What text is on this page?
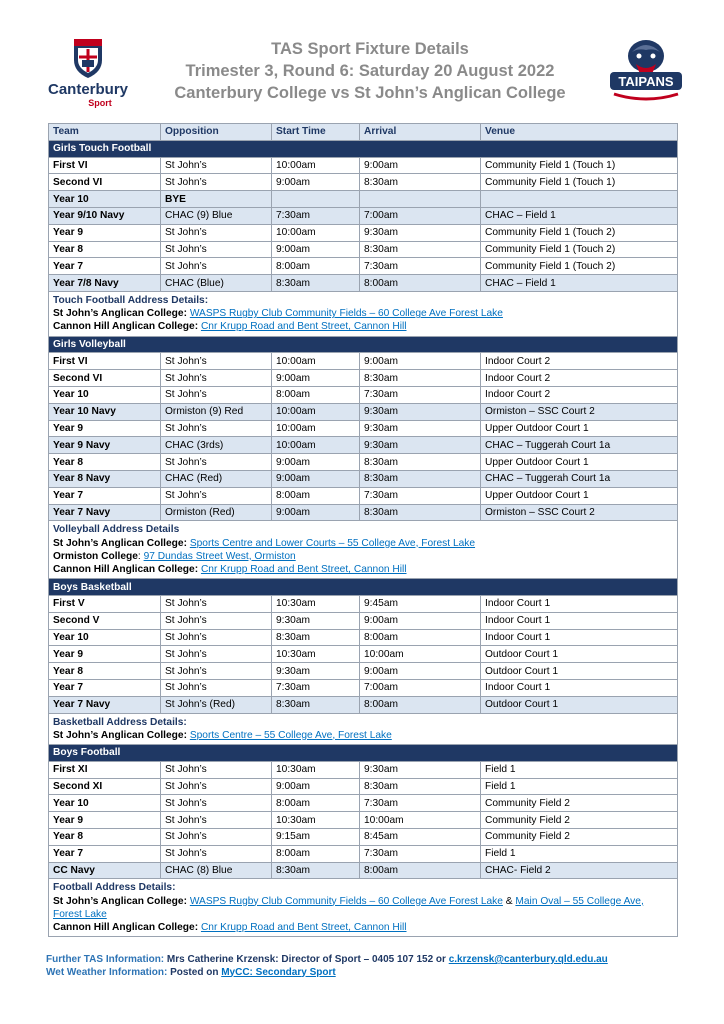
Canterbury
Sport
TAS Sport Fixture Details
Trimester 3, Round 6: Saturday 20 August 2022
Canterbury College vs St John’s Anglican College
TAIPANS
Team	Opposition	Start Time	Arrival	Venue
Girls Touch Football				
First VI	St John’s	10:00am	9:00am	Community Field 1 (Touch 1)
Second VI	St John’s	9:00am	8:30am	Community Field 1 (Touch 1)
Year 10	BYE			
Year 9/10 Navy	CHAC (9) Blue	7:30am	7:00am	CHAC – Field 1
Year 9	St John’s	10:00am	9:30am	Community Field 1 (Touch 2)
Year 8	St John’s	9:00am	8:30am	Community Field 1 (Touch 2)
Year 7	St John’s	8:00am	7:30am	Community Field 1 (Touch 2)
Year 7/8 Navy	CHAC (Blue)	8:30am	8:00am	CHAC – Field 1

Touch Football Address Details:
St John’s Anglican College: WASPS Rugby Club Community Fields – 60 College Ave Forest Lake
Cannon Hill Anglican College: Cnr Krupp Road and Bent Street, Cannon Hill				

Girls Volleyball				
First VI	St John’s	10:00am	9:00am	Indoor Court 2
Second VI	St John’s	9:00am	8:30am	Indoor Court 2
Year 10	St John’s	8:00am	7:30am	Indoor Court 2
Year 10 Navy	Ormiston (9) Red	10:00am	9:30am	Ormiston – SSC Court 2
Year 9	St John’s	10:00am	9:30am	Upper Outdoor Court 1
Year 9 Navy	CHAC (3rds)	10:00am	9:30am	CHAC – Tuggerah Court 1a
Year 8	St John’s	9:00am	8:30am	Upper Outdoor Court 1
Year 8 Navy	CHAC (Red)	9:00am	8:30am	CHAC – Tuggerah Court 1a
Year 7	St John’s	8:00am	7:30am	Upper Outdoor Court 1
Year 7 Navy	Ormiston (Red)	9:00am	8:30am	Ormiston – SSC Court 2

Volleyball Address Details
St John’s Anglican College: Sports Centre and Lower Courts – 55 College Ave, Forest Lake
Ormiston College: 97 Dundas Street West, Ormiston
Cannon Hill Anglican College: Cnr Krupp Road and Bent Street, Cannon Hill				

Boys Basketball				
First V	St John’s	10:30am	9:45am	Indoor Court 1
Second V	St John’s	9:30am	9:00am	Indoor Court 1
Year 10	St John’s	8:30am	8:00am	Indoor Court 1
Year 9	St John’s	10:30am	10:00am	Outdoor Court 1
Year 8	St John’s	9:30am	9:00am	Outdoor Court 1
Year 7	St John’s	7:30am	7:00am	Indoor Court 1
Year 7 Navy	St John’s (Red)	8:30am	8:00am	Outdoor Court 1

Basketball Address Details:
St John’s Anglican College: Sports Centre – 55 College Ave, Forest Lake				

Boys Football				
First XI	St John’s	10:30am	9:30am	Field 1
Second XI	St John’s	9:00am	8:30am	Field 1
Year 10	St John’s	8:00am	7:30am	Community Field 2
Year 9	St John’s	10:30am	10:00am	Community Field 2
Year 8	St John’s	9:15am	8:45am	Community Field 2
Year 7	St John’s	8:00am	7:30am	Field 1
CC Navy	CHAC (8) Blue	8:30am	8:00am	CHAC- Field 2

Football Address Details:
St John’s Anglican College: WASPS Rugby Club Community Fields – 60 College Ave Forest Lake & Main Oval – 55 College Ave, Forest Lake
Cannon Hill Anglican College: Cnr Krupp Road and Bent Street, Cannon Hill				
Further TAS Information: Mrs Catherine Krzensk: Director of Sport – 0405 107 152 or c.krzensk@canterbury.qld.edu.au
Wet Weather Information: Posted on MyCC: Secondary Sport
